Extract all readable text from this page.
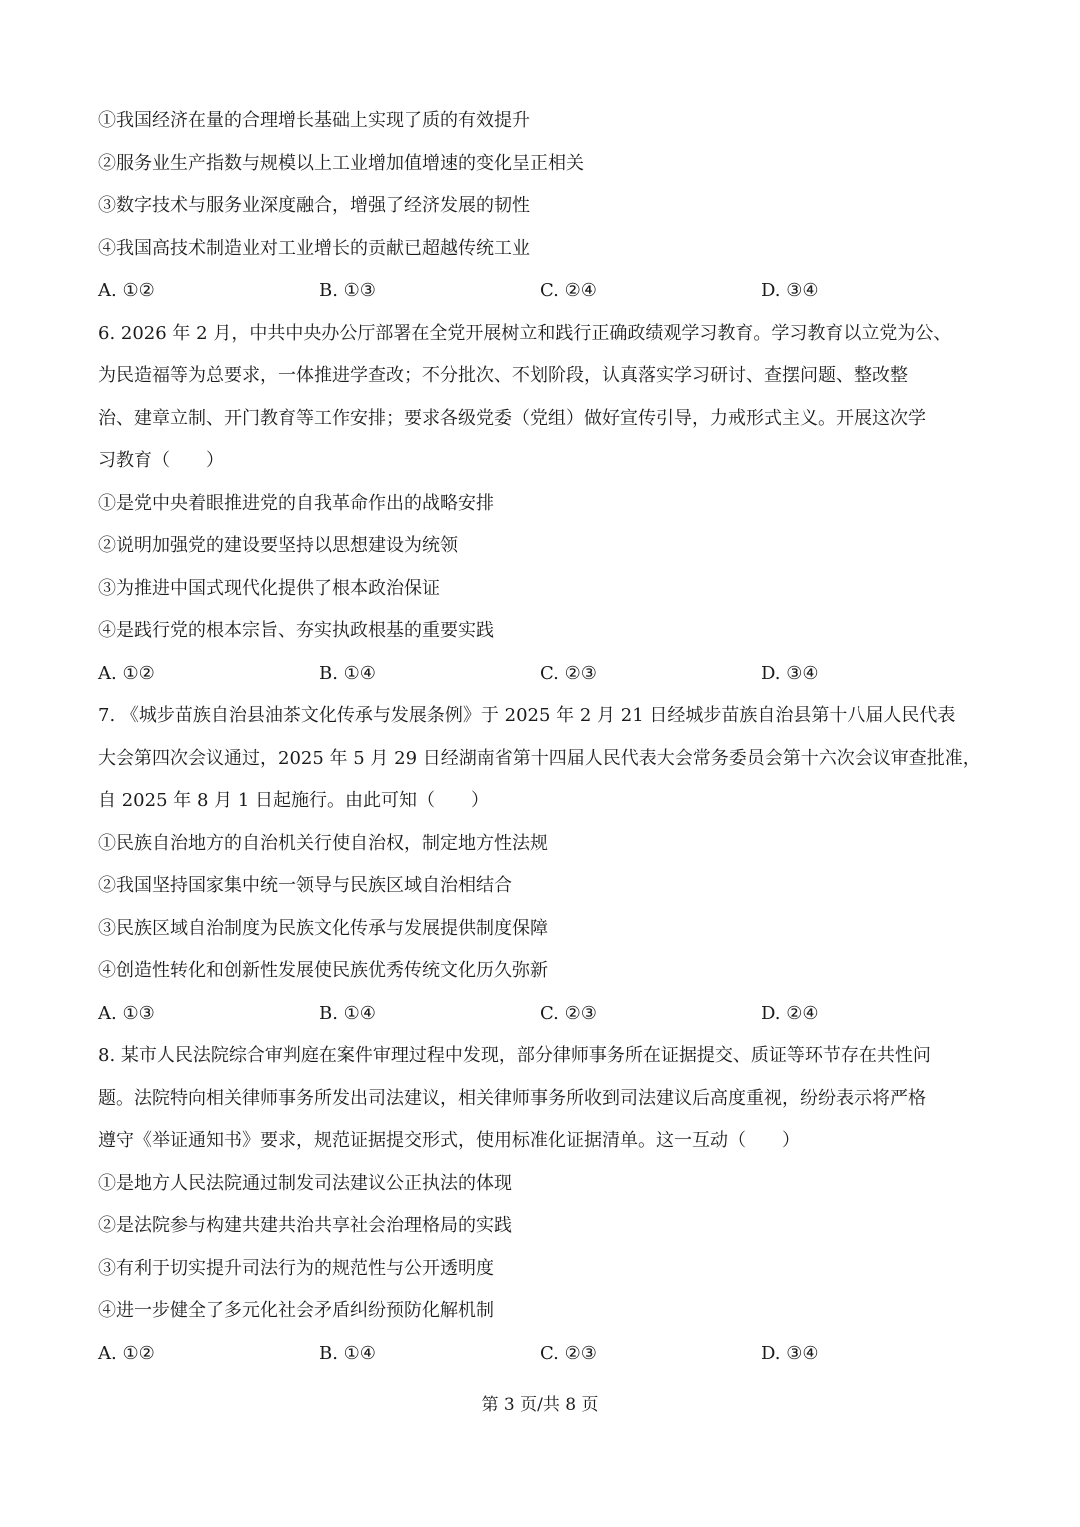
①我国经济在量的合理增长基础上实现了质的有效提升
②服务业生产指数与规模以上工业增加值增速的变化呈正相关
③数字技术与服务业深度融合，增强了经济发展的韧性
④我国高技术制造业对工业增长的贡献已超越传统工业
A. ①②	B. ①③	C. ②④	D. ③④
6. 2026 年 2 月，中共中央办公厅部署在全党开展树立和践行正确政绩观学习教育。学习教育以立党为公、
为民造福等为总要求，一体推进学查改；不分批次、不划阶段，认真落实学习研讨、查摆问题、整改整
治、建章立制、开门教育等工作安排；要求各级党委（党组）做好宣传引导，力戒形式主义。开展这次学
习教育（　　）
①是党中央着眼推进党的自我革命作出的战略安排
②说明加强党的建设要坚持以思想建设为统领
③为推进中国式现代化提供了根本政治保证
④是践行党的根本宗旨、夯实执政根基的重要实践
A. ①②	B. ①④	C. ②③	D. ③④
7. 《城步苗族自治县油茶文化传承与发展条例》于 2025 年 2 月 21 日经城步苗族自治县第十八届人民代表
大会第四次会议通过，2025 年 5 月 29 日经湖南省第十四届人民代表大会常务委员会第十六次会议审查批准，
自 2025 年 8 月 1 日起施行。由此可知（　　）
①民族自治地方的自治机关行使自治权，制定地方性法规
②我国坚持国家集中统一领导与民族区域自治相结合
③民族区域自治制度为民族文化传承与发展提供制度保障
④创造性转化和创新性发展使民族优秀传统文化历久弥新
A. ①③	B. ①④	C. ②③	D. ②④
8. 某市人民法院综合审判庭在案件审理过程中发现，部分律师事务所在证据提交、质证等环节存在共性问
题。法院特向相关律师事务所发出司法建议，相关律师事务所收到司法建议后高度重视，纷纷表示将严格
遵守《举证通知书》要求，规范证据提交形式，使用标准化证据清单。这一互动（　　）
①是地方人民法院通过制发司法建议公正执法的体现
②是法院参与构建共建共治共享社会治理格局的实践
③有利于切实提升司法行为的规范性与公开透明度
④进一步健全了多元化社会矛盾纠纷预防化解机制
A. ①②	B. ①④	C. ②③	D. ③④
第 3 页/共 8 页
